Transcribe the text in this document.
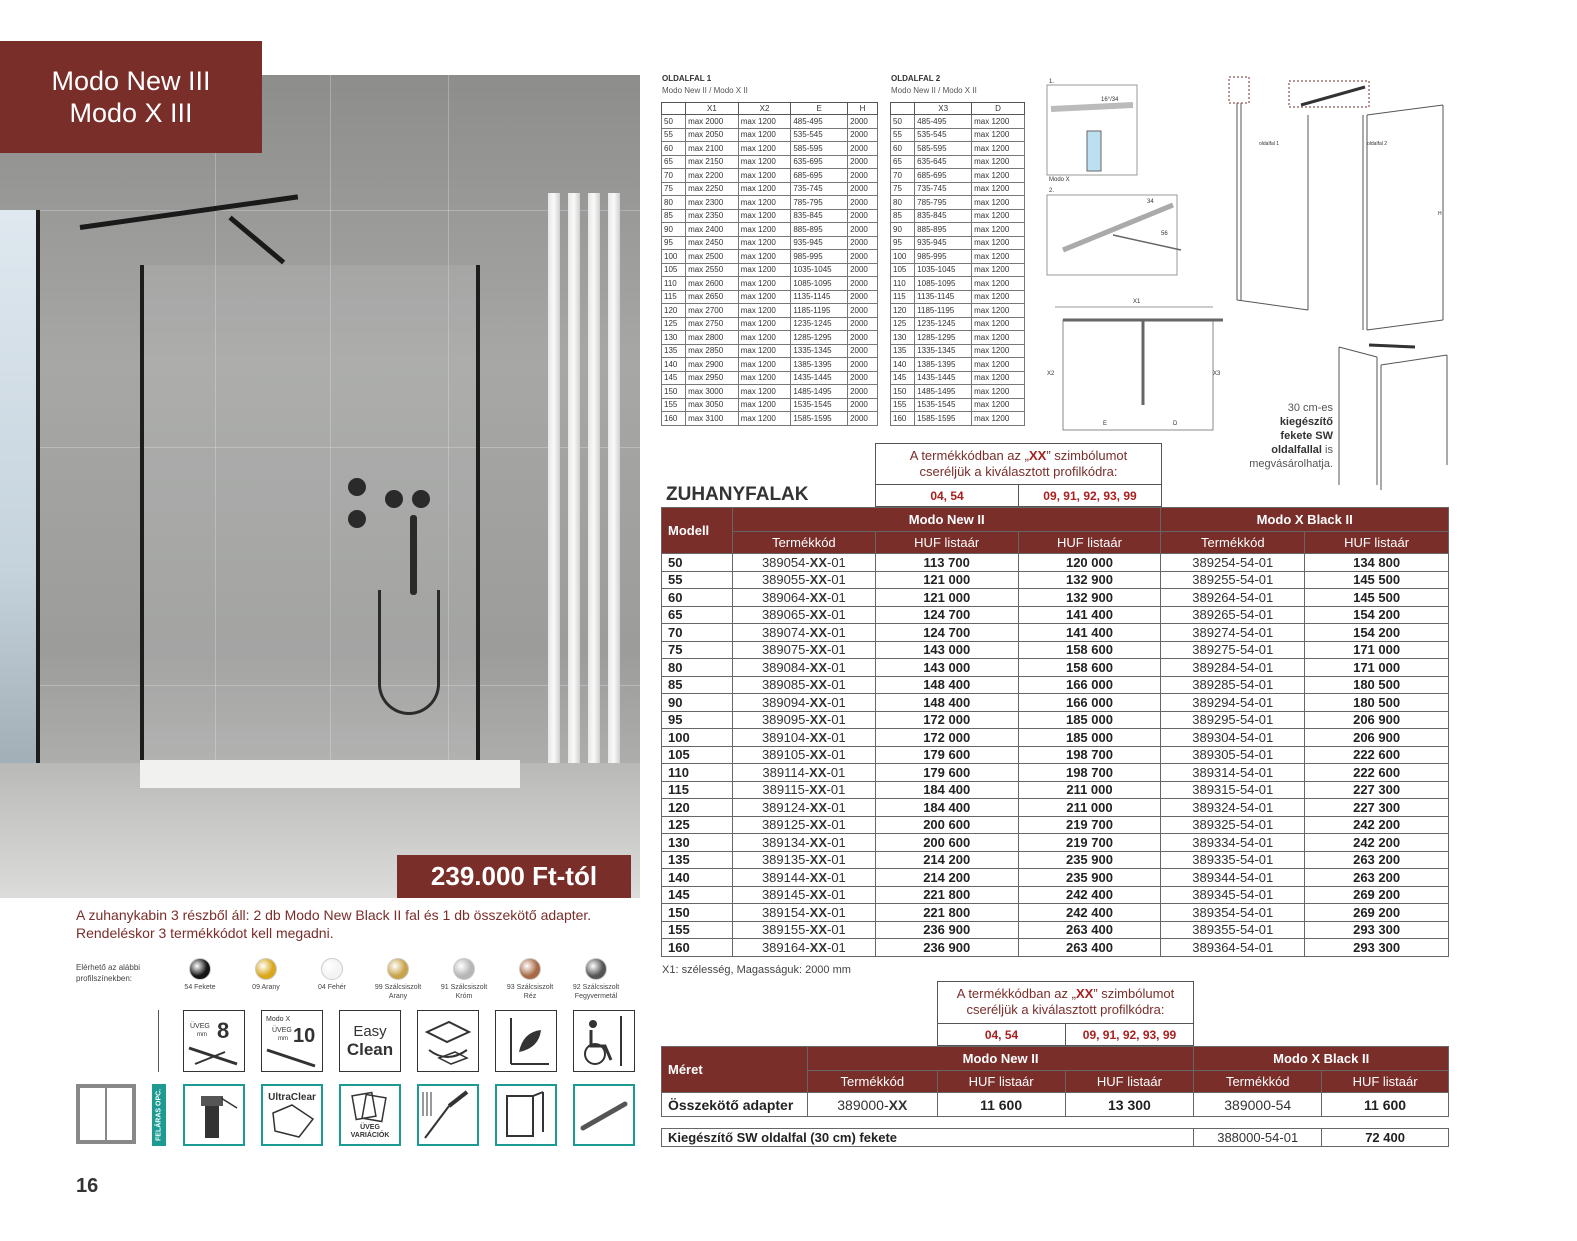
Modo New III
Modo X III
239.000 Ft-tól
A zuhanykabin 3 részből áll: 2 db Modo New Black II fal és 1 db összekötő adapter. Rendeléskor 3 termékkódot kell megadni.
Elérhető az alábbi profilszínekben:
54 Fekete	09 Arany	04 Fehér	99 Szálcsiszolt Arany
91 Szálcsiszolt Króm
93 Szálcsiszolt Réz
92 Szálcsiszolt Fegyvermetál
ÜVEG
mm 8	Modo X
ÜVEG
mm 10	Easy
Clean
FELÁRAS OPC.	UltraClear
ÜVEG
VARIÁCIÓK
16
OLDALFAL 1
Modo New II / Modo X II
	X1	X2	E	H
50	max 2000	max 1200	485-495	2000
55	max 2050	max 1200	535-545	2000
60	max 2100	max 1200	585-595	2000
65	max 2150	max 1200	635-695	2000
70	max 2200	max 1200	685-695	2000
75	max 2250	max 1200	735-745	2000
80	max 2300	max 1200	785-795	2000
85	max 2350	max 1200	835-845	2000
90	max 2400	max 1200	885-895	2000
95	max 2450	max 1200	935-945	2000
100	max 2500	max 1200	985-995	2000
105	max 2550	max 1200	1035-1045	2000
110	max 2600	max 1200	1085-1095	2000
115	max 2650	max 1200	1135-1145	2000
120	max 2700	max 1200	1185-1195	2000
125	max 2750	max 1200	1235-1245	2000
130	max 2800	max 1200	1285-1295	2000
135	max 2850	max 1200	1335-1345	2000
140	max 2900	max 1200	1385-1395	2000
145	max 2950	max 1200	1435-1445	2000
150	max 3000	max 1200	1485-1495	2000
155	max 3050	max 1200	1535-1545	2000
160	max 3100	max 1200	1585-1595	2000
OLDALFAL 2
Modo New II / Modo X II
	X3	D
50	485-495	max 1200
55	535-545	max 1200
60	585-595	max 1200
65	635-645	max 1200
70	685-695	max 1200
75	735-745	max 1200
80	785-795	max 1200
85	835-845	max 1200
90	885-895	max 1200
95	935-945	max 1200
100	985-995	max 1200
105	1035-1045	max 1200
110	1085-1095	max 1200
115	1135-1145	max 1200
120	1185-1195	max 1200
125	1235-1245	max 1200
130	1285-1295	max 1200
135	1335-1345	max 1200
140	1385-1395	max 1200
145	1435-1445	max 1200
150	1485-1495	max 1200
155	1535-1545	max 1200
160	1585-1595	max 1200
1.
16°/34
Modo X
2.
34
56
X1
X2	X3
E	D
oldalfal 1	oldalfal 2
H
30 cm-es
kiegészítő
fekete SW
oldalfallal is
megvásárolhatja.
A termékkódban az „XX” szimbólumot
cseréljük a kiválasztott profilkódra:
04, 54	09, 91, 92, 93, 99
ZUHANYFALAK
Modell	Modo New II			Modo X Black II	
	Termékkód	HUF listaár	HUF listaár	Termékkód	HUF listaár
50	389054-XX-01	113 700	120 000	389254-54-01	134 800
55	389055-XX-01	121 000	132 900	389255-54-01	145 500
60	389064-XX-01	121 000	132 900	389264-54-01	145 500
65	389065-XX-01	124 700	141 400	389265-54-01	154 200
70	389074-XX-01	124 700	141 400	389274-54-01	154 200
75	389075-XX-01	143 000	158 600	389275-54-01	171 000
80	389084-XX-01	143 000	158 600	389284-54-01	171 000
85	389085-XX-01	148 400	166 000	389285-54-01	180 500
90	389094-XX-01	148 400	166 000	389294-54-01	180 500
95	389095-XX-01	172 000	185 000	389295-54-01	206 900
100	389104-XX-01	172 000	185 000	389304-54-01	206 900
105	389105-XX-01	179 600	198 700	389305-54-01	222 600
110	389114-XX-01	179 600	198 700	389314-54-01	222 600
115	389115-XX-01	184 400	211 000	389315-54-01	227 300
120	389124-XX-01	184 400	211 000	389324-54-01	227 300
125	389125-XX-01	200 600	219 700	389325-54-01	242 200
130	389134-XX-01	200 600	219 700	389334-54-01	242 200
135	389135-XX-01	214 200	235 900	389335-54-01	263 200
140	389144-XX-01	214 200	235 900	389344-54-01	263 200
145	389145-XX-01	221 800	242 400	389345-54-01	269 200
150	389154-XX-01	221 800	242 400	389354-54-01	269 200
155	389155-XX-01	236 900	263 400	389355-54-01	293 300
160	389164-XX-01	236 900	263 400	389364-54-01	293 300
X1: szélesség, Magasságuk: 2000 mm
A termékkódban az „XX” szimbólumot
cseréljük a kiválasztott profilkódra:
04, 54	09, 91, 92, 93, 99
Méret	Modo New II			Modo X Black II	
	Termékkód	HUF listaár	HUF listaár	Termékkód	HUF listaár
Összekötő adapter	389000-XX	11 600	13 300	389000-54	11 600
Kiegészítő SW oldalfal (30 cm) fekete	388000-54-01	72 400
